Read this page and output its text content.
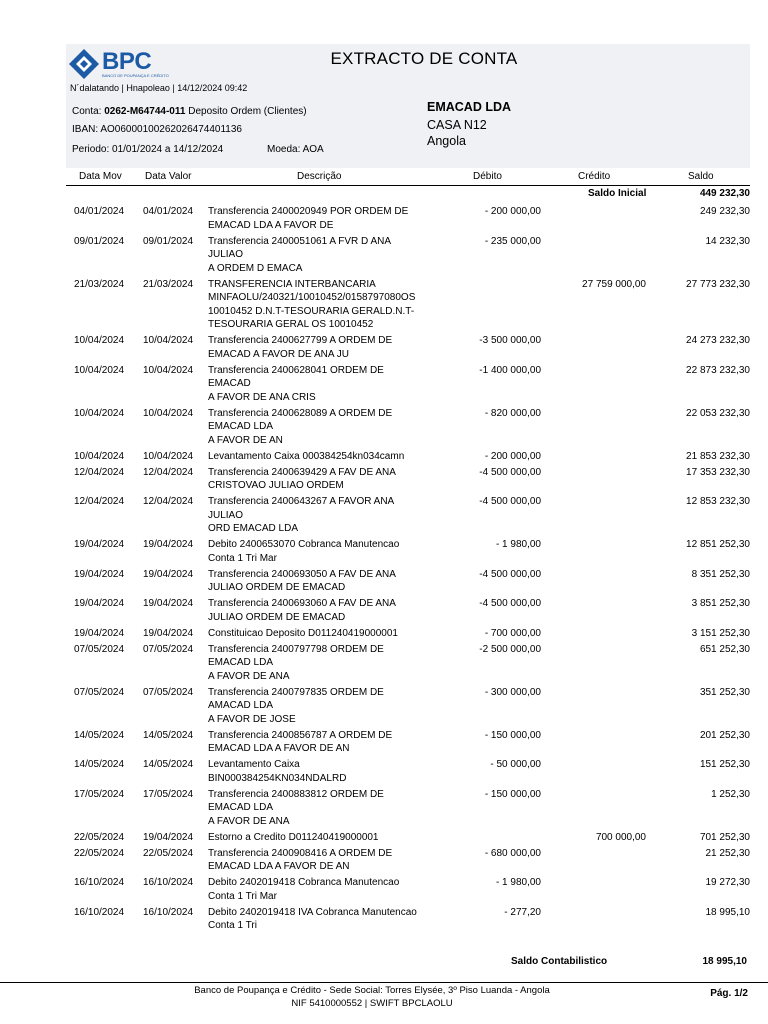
BPC
BANCO DE POUPANÇA E CRÉDITO
EXTRACTO DE CONTA
N´dalatando | Hnapoleao | 14/12/2024 09:42
Conta: 0262-M64744-011 Deposito Ordem (Clientes)
IBAN: AO06000100262026474401136
Periodo: 01/01/2024 a 14/12/2024	Moeda: AOA
EMACAD LDA
CASA N12
Angola
Data Mov Data Valor	Descrição	Débito	Crédito	Saldo
Saldo Inicial	449 232,30
04/01/2024 04/01/2024 Transferencia 2400020949 POR ORDEM DE
EMACAD LDA A FAVOR DE
- 200 000,00	249 232,30
09/01/2024 09/01/2024 Transferencia 2400051061 A FVR D ANA
JULIAO
A ORDEM D EMACA
- 235 000,00	14 232,30
21/03/2024 21/03/2024 TRANSFERENCIA INTERBANCARIA
MINFAOLU/240321/10010452/0158797080OS
10010452 D.N.T-TESOURARIA GERALD.N.T-
TESOURARIA GERAL OS 10010452
27 759 000,00	27 773 232,30
10/04/2024 10/04/2024 Transferencia 2400627799 A ORDEM DE
EMACAD A FAVOR DE ANA JU
-3 500 000,00	24 273 232,30
10/04/2024 10/04/2024 Transferencia 2400628041 ORDEM DE
EMACAD
A FAVOR DE ANA CRIS
-1 400 000,00	22 873 232,30
10/04/2024 10/04/2024 Transferencia 2400628089 A ORDEM DE
EMACAD LDA
A FAVOR DE AN
- 820 000,00	22 053 232,30
10/04/2024 10/04/2024 Levantamento Caixa 000384254kn034camn	- 200 000,00	21 853 232,30
12/04/2024 12/04/2024 Transferencia 2400639429 A FAV DE ANA
CRISTOVAO JULIAO ORDEM
-4 500 000,00	17 353 232,30
12/04/2024 12/04/2024 Transferencia 2400643267 A FAVOR ANA
JULIAO
ORD EMACAD LDA
-4 500 000,00	12 853 232,30
19/04/2024 19/04/2024 Debito 2400653070 Cobranca Manutencao
Conta 1 Tri Mar
- 1 980,00	12 851 252,30
19/04/2024 19/04/2024 Transferencia 2400693050 A FAV DE ANA
JULIAO ORDEM DE EMACAD
-4 500 000,00	8 351 252,30
19/04/2024 19/04/2024 Transferencia 2400693060 A FAV DE ANA
JULIAO ORDEM DE EMACAD
-4 500 000,00	3 851 252,30
19/04/2024 19/04/2024 Constituicao Deposito D011240419000001	- 700 000,00	3 151 252,30
07/05/2024 07/05/2024 Transferencia 2400797798 ORDEM DE
EMACAD LDA
A FAVOR DE ANA
-2 500 000,00	651 252,30
07/05/2024 07/05/2024 Transferencia 2400797835 ORDEM DE
AMACAD LDA
A FAVOR DE JOSE
- 300 000,00	351 252,30
14/05/2024 14/05/2024 Transferencia 2400856787 A ORDEM DE
EMACAD LDA A FAVOR DE AN
- 150 000,00	201 252,30
14/05/2024 14/05/2024 Levantamento Caixa
BIN000384254KN034NDALRD
- 50 000,00	151 252,30
17/05/2024 17/05/2024 Transferencia 2400883812 ORDEM DE
EMACAD LDA
A FAVOR DE ANA
- 150 000,00	1 252,30
22/05/2024 19/04/2024 Estorno a Credito D011240419000001	700 000,00	701 252,30
22/05/2024 22/05/2024 Transferencia 2400908416 A ORDEM DE
EMACAD LDA A FAVOR DE AN
- 680 000,00	21 252,30
16/10/2024 16/10/2024 Debito 2402019418 Cobranca Manutencao
Conta 1 Tri Mar
- 1 980,00	19 272,30
16/10/2024 16/10/2024 Debito 2402019418 IVA Cobranca Manutencao
Conta 1 Tri
- 277,20	18 995,10
Saldo Contabilistico	18 995,10
Banco de Poupança e Crédito - Sede Social: Torres Elysée, 3º Piso Luanda - Angola
NIF 5410000552 | SWIFT BPCLAOLU
Pág. 1/2
